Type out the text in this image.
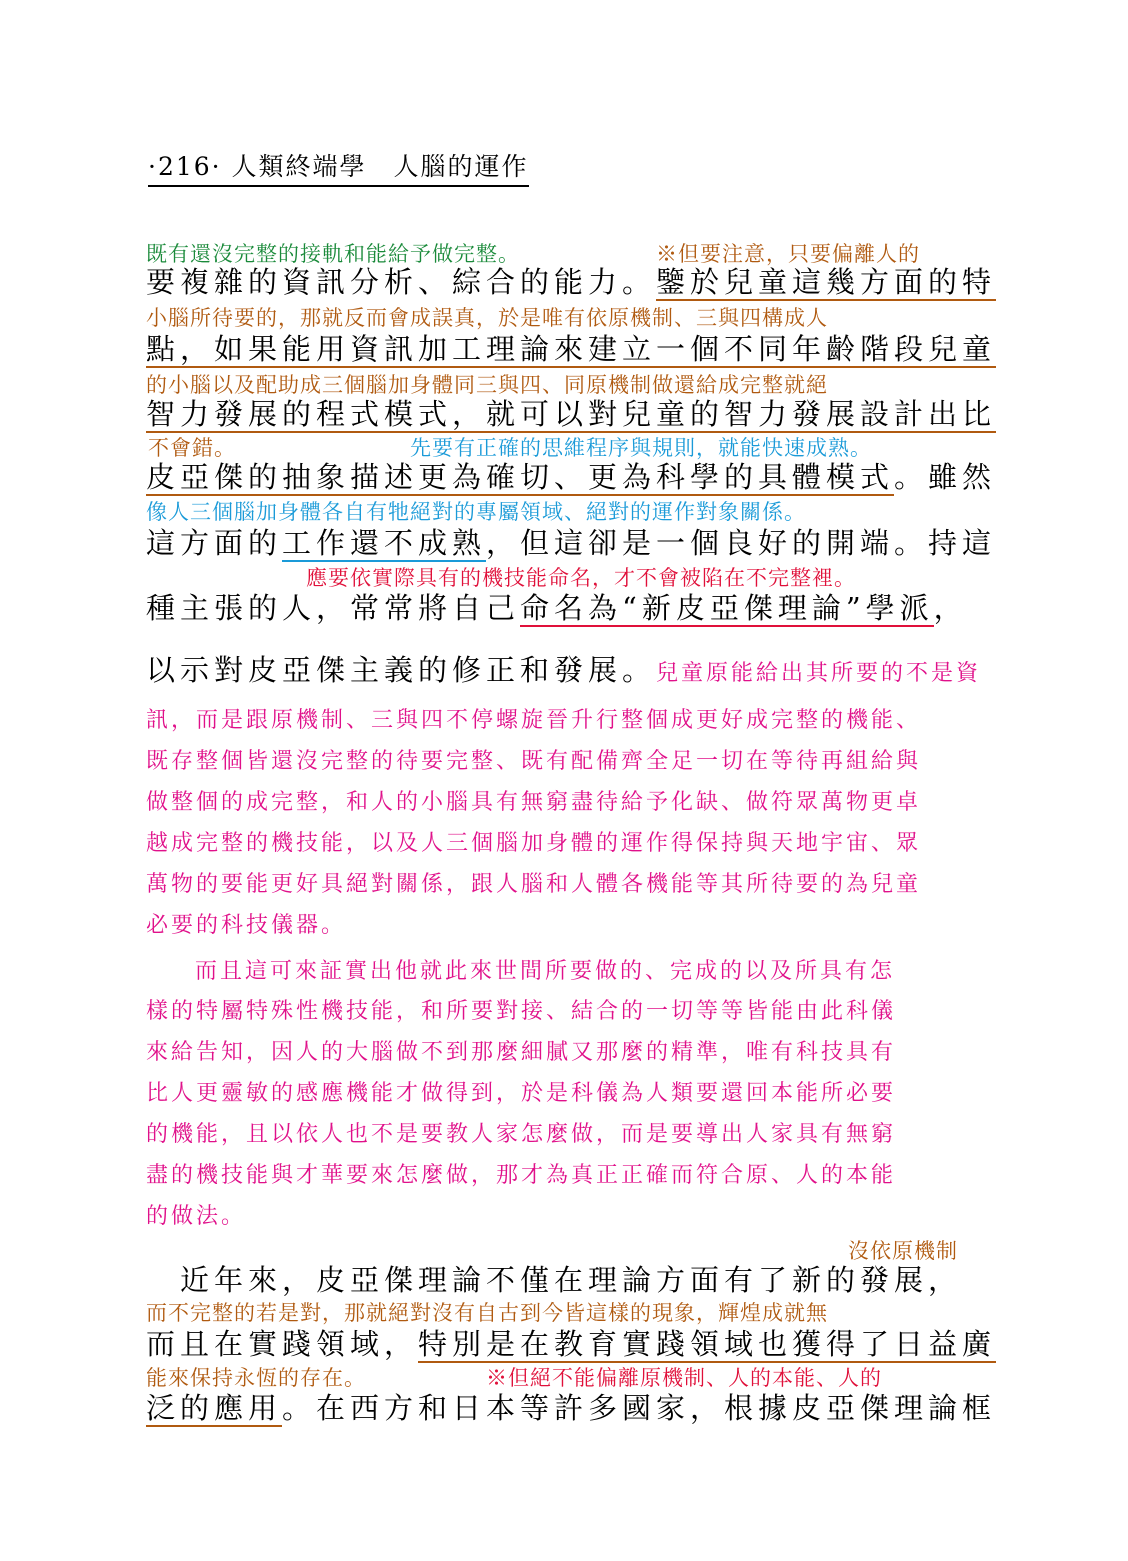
·216· 人類終端學　人腦的運作
既有還沒完整的接軌和能給予做完整。	※但要注意，只要偏離人的
要複雜的資訊分析、綜合的能力。鑒於兒童這幾方面的特
小腦所待要的，那就反而會成誤真，於是唯有依原機制、三與四構成人
點，如果能用資訊加工理論來建立一個不同年齡階段兒童
的小腦以及配助成三個腦加身體同三與四、同原機制做還給成完整就絕
智力發展的程式模式，就可以對兒童的智力發展設計出比
不會錯。	先要有正確的思維程序與規則，就能快速成熟。
皮亞傑的抽象描述更為確切、更為科學的具體模式。雖然
像人三個腦加身體各自有牠絕對的專屬領域、絕對的運作對象關係。
這方面的工作還不成熟，但這卻是一個良好的開端。持這
應要依實際具有的機技能命名，才不會被陷在不完整裡。
種主張的人，常常將自己命名為“新皮亞傑理論”學派，
以示對皮亞傑主義的修正和發展。兒童原能給出其所要的不是資
訊，而是跟原機制、三與四不停螺旋晉升行整個成更好成完整的機能、
既存整個皆還沒完整的待要完整、既有配備齊全足一切在等待再組給與
做整個的成完整，和人的小腦具有無窮盡待給予化缺、做符眾萬物更卓
越成完整的機技能，以及人三個腦加身體的運作得保持與天地宇宙、眾
萬物的要能更好具絕對關係，跟人腦和人體各機能等其所待要的為兒童
必要的科技儀器。
　而且這可來証實出他就此來世間所要做的、完成的以及所具有怎
樣的特屬特殊性機技能，和所要對接、結合的一切等等皆能由此科儀
來給告知，因人的大腦做不到那麼細膩又那麼的精準，唯有科技具有
比人更靈敏的感應機能才做得到，於是科儀為人類要還回本能所必要
的機能，且以依人也不是要教人家怎麼做，而是要導出人家具有無窮
盡的機技能與才華要來怎麼做，那才為真正正確而符合原、人的本能
的做法。
沒依原機制
　近年來，皮亞傑理論不僅在理論方面有了新的發展，
而不完整的若是對，那就絕對沒有自古到今皆這樣的現象，輝煌成就無
而且在實踐領域，特別是在教育實踐領域也獲得了日益廣
能來保持永恆的存在。	※但絕不能偏離原機制、人的本能、人的
泛的應用。在西方和日本等許多國家，根據皮亞傑理論框
